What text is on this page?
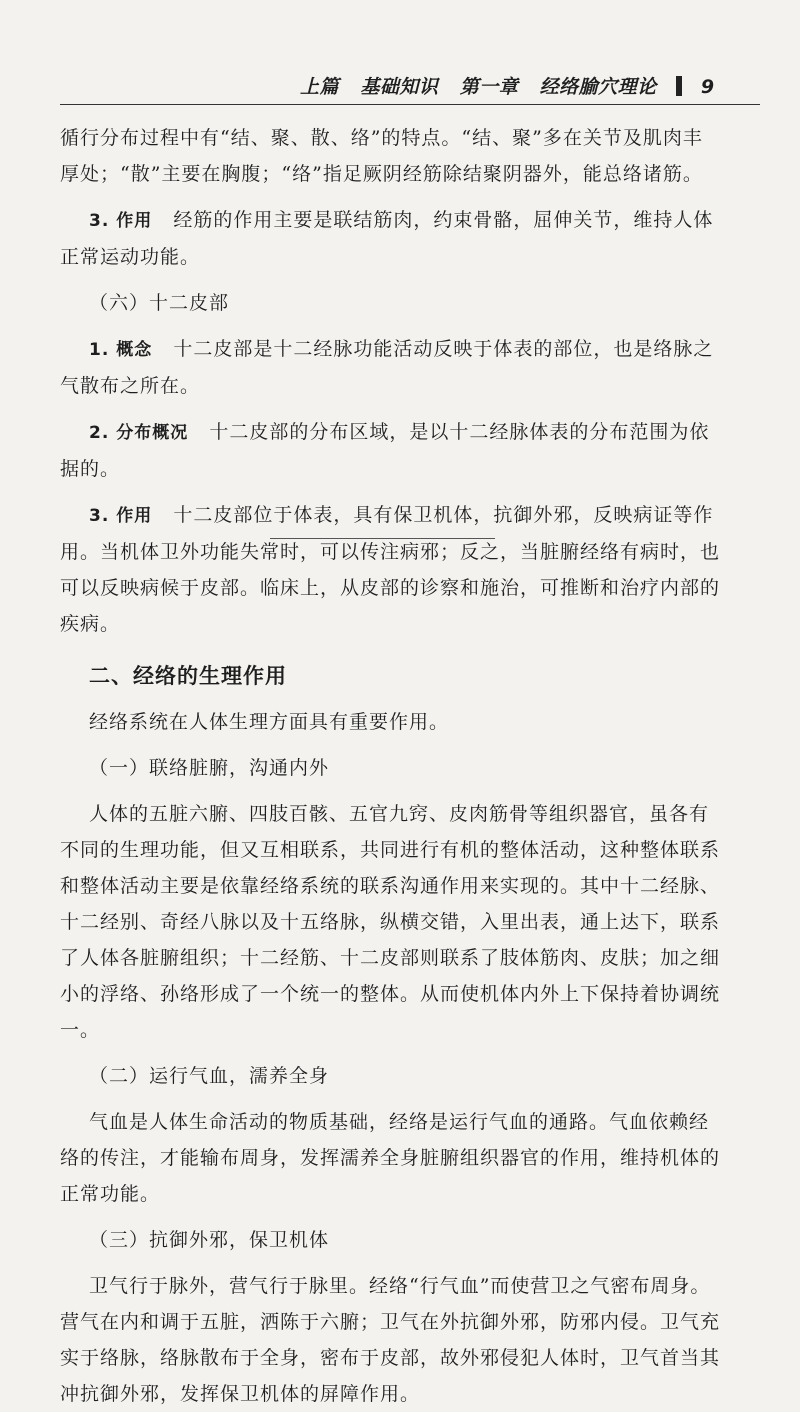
上篇 基础知识 第一章 经络腧穴理论 9

循行分布过程中有“结、聚、散、络”的特点。“结、聚”多在关节及肌肉丰厚处；“散”主要在胸腹；“络”指足厥阴经筋除结聚阴器外，能总络诸筋。

3. 作用 经筋的作用主要是联结筋肉，约束骨骼，屈伸关节，维持人体正常运动功能。

（六）十二皮部

1. 概念 十二皮部是十二经脉功能活动反映于体表的部位，也是络脉之气散布之所在。

2. 分布概况 十二皮部的分布区域，是以十二经脉体表的分布范围为依据的。

3. 作用 十二皮部位于体表，具有保卫机体，抗御外邪，反映病证等作用。当机体卫外功能失常时，可以传注病邪；反之，当脏腑经络有病时，也可以反映病候于皮部。临床上，从皮部的诊察和施治，可推断和治疗内部的疾病。

二、经络的生理作用

经络系统在人体生理方面具有重要作用。

（一）联络脏腑，沟通内外

人体的五脏六腑、四肢百骸、五官九窍、皮肉筋骨等组织器官，虽各有不同的生理功能，但又互相联系，共同进行有机的整体活动，这种整体联系和整体活动主要是依靠经络系统的联系沟通作用来实现的。其中十二经脉、十二经别、奇经八脉以及十五络脉，纵横交错，入里出表，通上达下，联系了人体各脏腑组织；十二经筋、十二皮部则联系了肢体筋肉、皮肤；加之细小的浮络、孙络形成了一个统一的整体。从而使机体内外上下保持着协调统一。

（二）运行气血，濡养全身

气血是人体生命活动的物质基础，经络是运行气血的通路。气血依赖经络的传注，才能输布周身，发挥濡养全身脏腑组织器官的作用，维持机体的正常功能。

（三）抗御外邪，保卫机体

卫气行于脉外，营气行于脉里。经络“行气血”而使营卫之气密布周身。营气在内和调于五脏，洒陈于六腑；卫气在外抗御外邪，防邪内侵。卫气充实于络脉，络脉散布于全身，密布于皮部，故外邪侵犯人体时，卫气首当其冲抗御外邪，发挥保卫机体的屏障作用。
